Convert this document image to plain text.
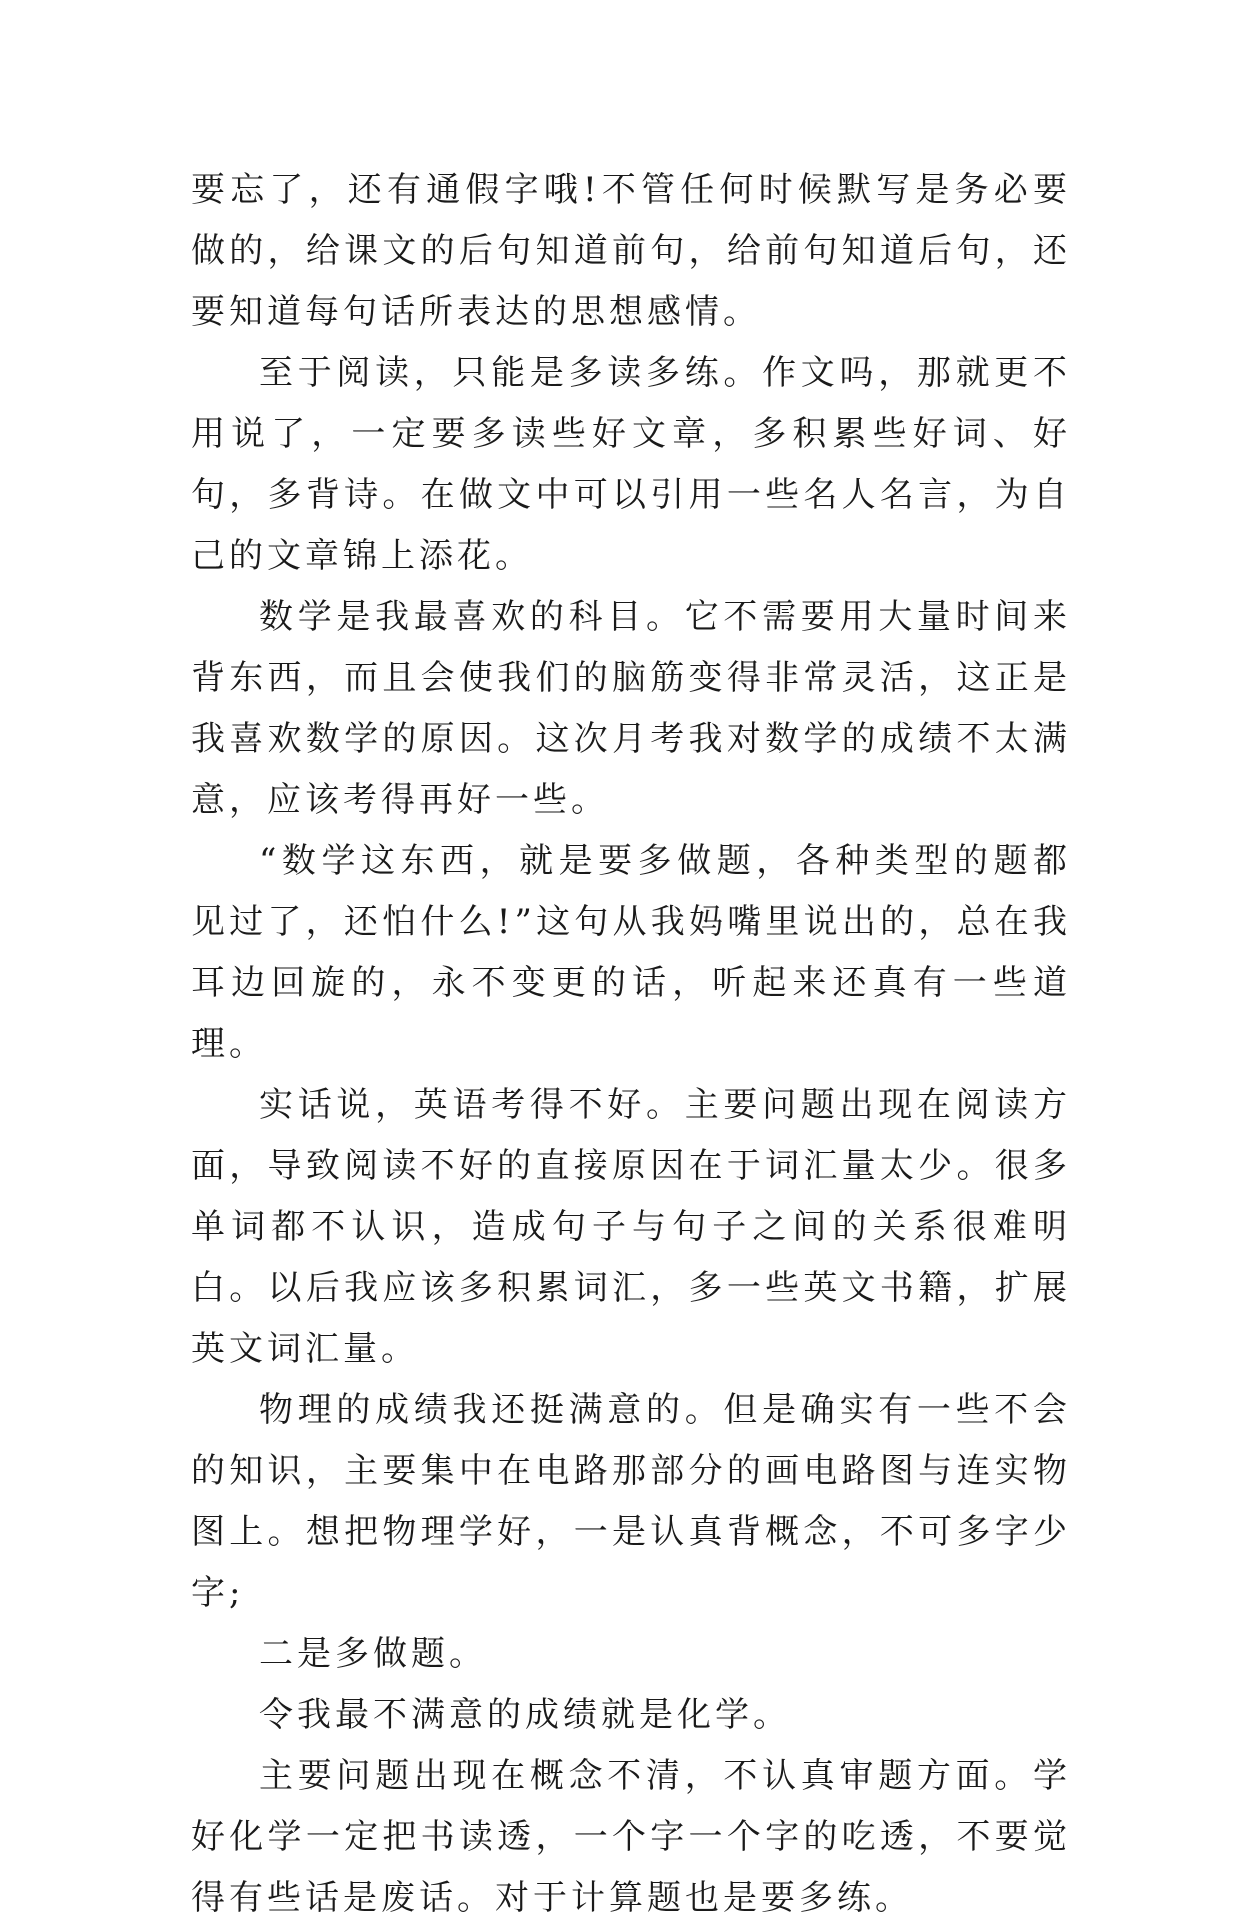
要忘了，还有通假字哦!不管任何时候默写是务必要做的，给课文的后句知道前句，给前句知道后句，还要知道每句话所表达的思想感情。

至于阅读，只能是多读多练。作文吗，那就更不用说了，一定要多读些好文章，多积累些好词、好句，多背诗。在做文中可以引用一些名人名言，为自己的文章锦上添花。

数学是我最喜欢的科目。它不需要用大量时间来背东西，而且会使我们的脑筋变得非常灵活，这正是我喜欢数学的原因。这次月考我对数学的成绩不太满意，应该考得再好一些。

“数学这东西，就是要多做题，各种类型的题都见过了，还怕什么!”这句从我妈嘴里说出的，总在我耳边回旋的，永不变更的话，听起来还真有一些道理。

实话说，英语考得不好。主要问题出现在阅读方面，导致阅读不好的直接原因在于词汇量太少。很多单词都不认识，造成句子与句子之间的关系很难明白。以后我应该多积累词汇，多一些英文书籍，扩展英文词汇量。

物理的成绩我还挺满意的。但是确实有一些不会的知识，主要集中在电路那部分的画电路图与连实物图上。想把物理学好，一是认真背概念，不可多字少字;

二是多做题。

令我最不满意的成绩就是化学。

主要问题出现在概念不清，不认真审题方面。学好化学一定把书读透，一个字一个字的吃透，不要觉得有些话是废话。对于计算题也是要多练。
